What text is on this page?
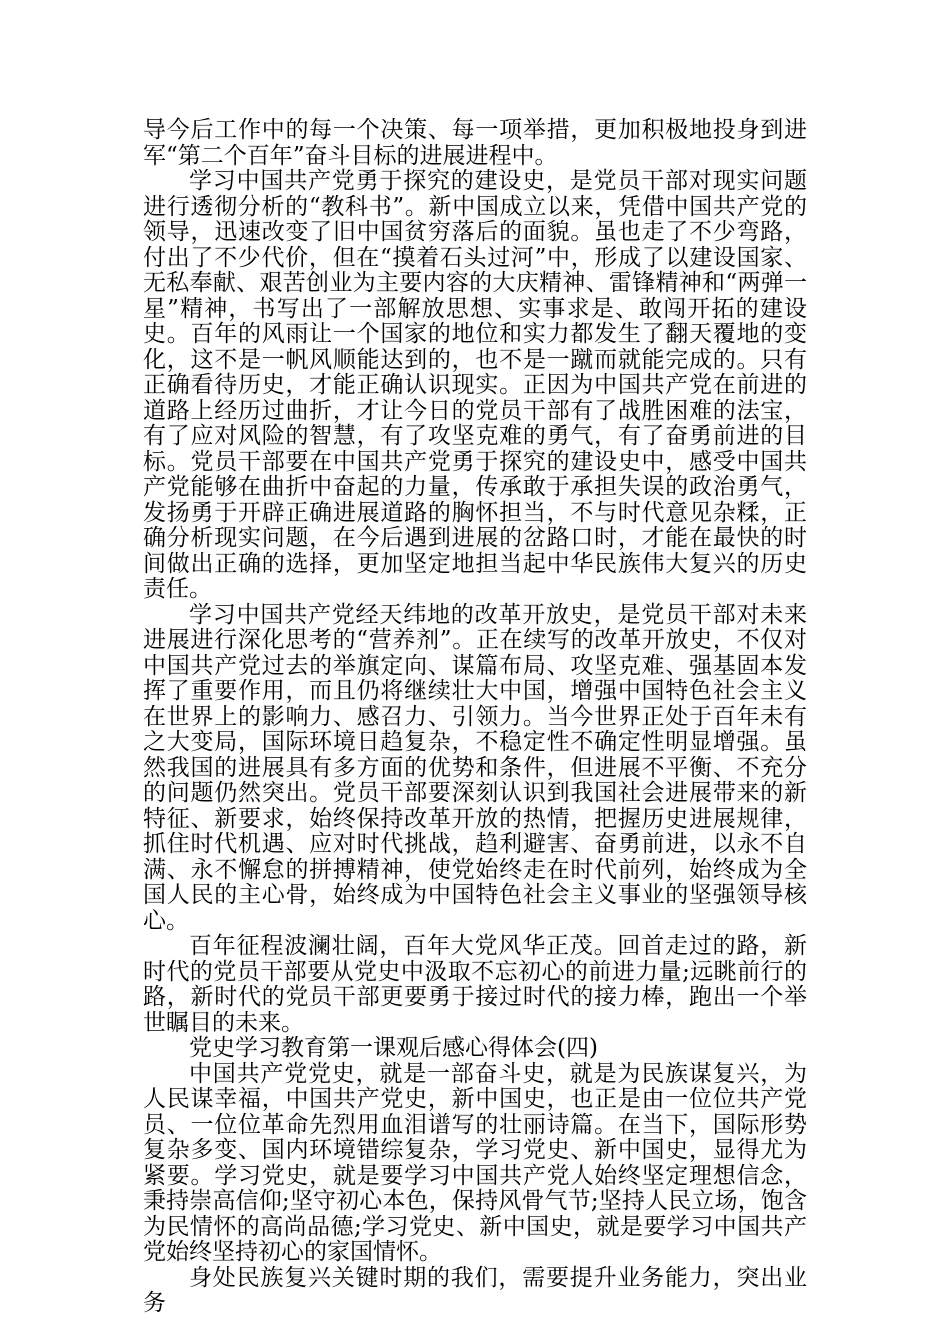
导今后工作中的每一个决策、每一项举措，更加积极地投身到进军“第二个百年”奋斗目标的进展进程中。

学习中国共产党勇于探究的建设史，是党员干部对现实问题进行透彻分析的“教科书”。新中国成立以来，凭借中国共产党的领导，迅速改变了旧中国贫穷落后的面貌。虽也走了不少弯路，付出了不少代价，但在“摸着石头过河”中，形成了以建设国家、无私奉献、艰苦创业为主要内容的大庆精神、雷锋精神和“两弹一星”精神，书写出了一部解放思想、实事求是、敢闯开拓的建设史。百年的风雨让一个国家的地位和实力都发生了翻天覆地的变化，这不是一帆风顺能达到的，也不是一蹴而就能完成的。只有正确看待历史，才能正确认识现实。正因为中国共产党在前进的道路上经历过曲折，才让今日的党员干部有了战胜困难的法宝，有了应对风险的智慧，有了攻坚克难的勇气，有了奋勇前进的目标。党员干部要在中国共产党勇于探究的建设史中，感受中国共产党能够在曲折中奋起的力量，传承敢于承担失误的政治勇气，发扬勇于开辟正确进展道路的胸怀担当，不与时代意见杂糅，正确分析现实问题，在今后遇到进展的岔路口时，才能在最快的时间做出正确的选择，更加坚定地担当起中华民族伟大复兴的历史责任。

学习中国共产党经天纬地的改革开放史，是党员干部对未来进展进行深化思考的“营养剂”。正在续写的改革开放史，不仅对中国共产党过去的举旗定向、谋篇布局、攻坚克难、强基固本发挥了重要作用，而且仍将继续壮大中国，增强中国特色社会主义在世界上的影响力、感召力、引领力。当今世界正处于百年未有之大变局，国际环境日趋复杂，不稳定性不确定性明显增强。虽然我国的进展具有多方面的优势和条件，但进展不平衡、不充分的问题仍然突出。党员干部要深刻认识到我国社会进展带来的新特征、新要求，始终保持改革开放的热情，把握历史进展规律，抓住时代机遇、应对时代挑战，趋利避害、奋勇前进，以永不自满、永不懈怠的拼搏精神，使党始终走在时代前列，始终成为全国人民的主心骨，始终成为中国特色社会主义事业的坚强领导核心。

百年征程波澜壮阔，百年大党风华正茂。回首走过的路，新时代的党员干部要从党史中汲取不忘初心的前进力量;远眺前行的路，新时代的党员干部更要勇于接过时代的接力棒，跑出一个举世瞩目的未来。

党史学习教育第一课观后感心得体会(四)

中国共产党党史，就是一部奋斗史，就是为民族谋复兴，为人民谋幸福，中国共产党史，新中国史，也正是由一位位共产党员、一位位革命先烈用血泪谱写的壮丽诗篇。在当下，国际形势复杂多变、国内环境错综复杂，学习党史、新中国史，显得尤为紧要。学习党史，就是要学习中国共产党人始终坚定理想信念，秉持崇高信仰;坚守初心本色，保持风骨气节;坚持人民立场，饱含为民情怀的高尚品德;学习党史、新中国史，就是要学习中国共产党始终坚持初心的家国情怀。

身处民族复兴关键时期的我们，需要提升业务能力，突出业务
